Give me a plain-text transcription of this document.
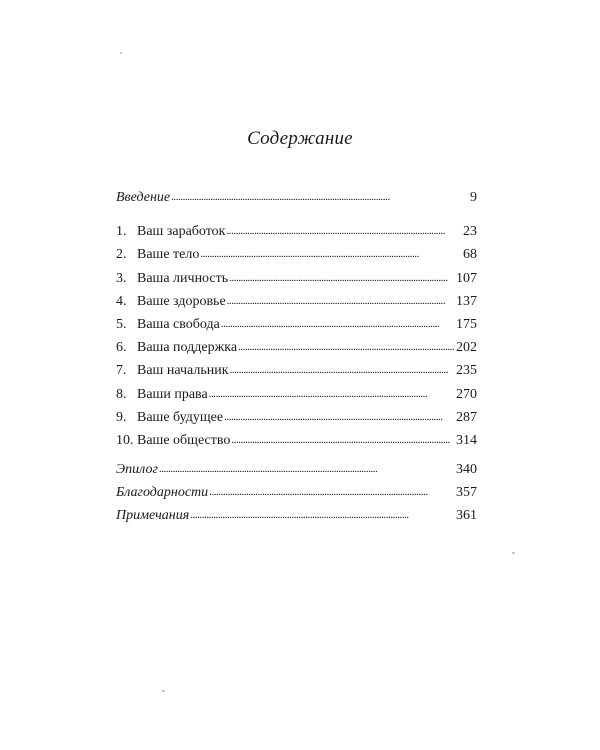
Содержание
Введение . . .	9
1. Ваш заработок . . .	23
2. Ваше тело . . .	68
3. Ваша личность . . .	107
4. Ваше здоровье . . .	137
5. Ваша свобода . . .	175
6. Ваша поддержка . . .	202
7. Ваш начальник . . .	235
8. Ваши права . . .	270
9. Ваше будущее . . .	287
10. Ваше общество . . .	314
Эпилог . . .	340
Благодарности . . .	357
Примечания . . .	361
